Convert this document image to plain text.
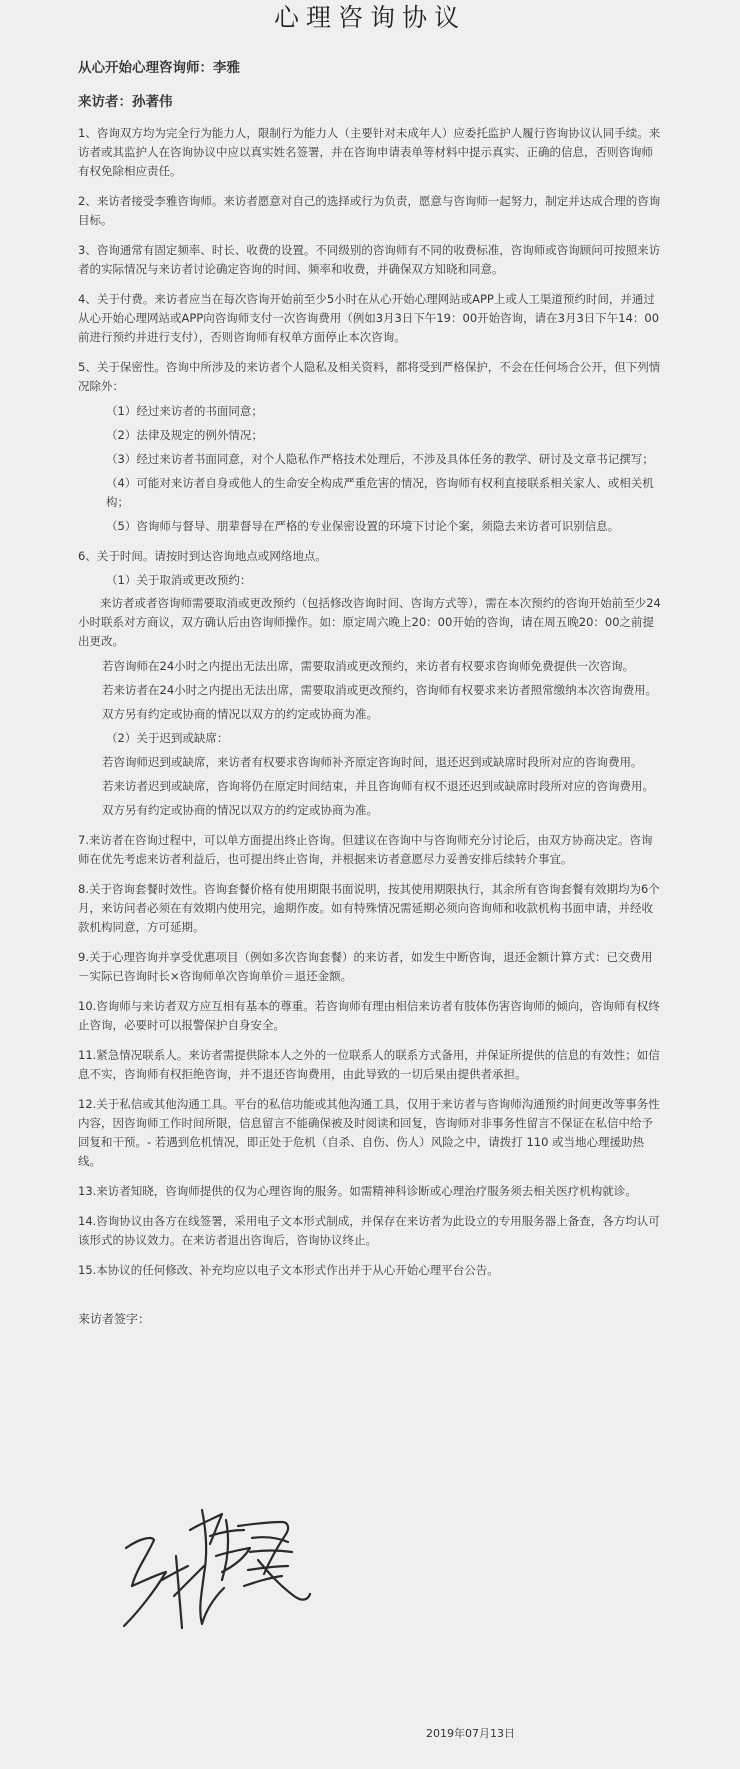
心理咨询协议
从心开始心理咨询师：李雅
来访者：孙著伟

1、咨询双方均为完全行为能力人，限制行为能力人（主要针对未成年人）应委托监护人履行咨询协议认同手续。来访者或其监护人在咨询协议中应以真实姓名签署，并在咨询申请表单等材料中提示真实、正确的信息，否则咨询师有权免除相应责任。

2、来访者接受李雅咨询师。来访者愿意对自己的选择或行为负责，愿意与咨询师一起努力，制定并达成合理的咨询目标。

3、咨询通常有固定频率、时长、收费的设置。不同级别的咨询师有不同的收费标准，咨询师或咨询顾问可按照来访者的实际情况与来访者讨论确定咨询的时间、频率和收费，并确保双方知晓和同意。

4、关于付费。来访者应当在每次咨询开始前至少5小时在从心开始心理网站或APP上或人工渠道预约时间，并通过从心开始心理网站或APP向咨询师支付一次咨询费用（例如3月3日下午19：00开始咨询，请在3月3日下午14：00前进行预约并进行支付），否则咨询师有权单方面停止本次咨询。

5、关于保密性。咨询中所涉及的来访者个人隐私及相关资料，都将受到严格保护，不会在任何场合公开，但下列情况除外：

（1）经过来访者的书面同意；

（2）法律及规定的例外情况；

（3）经过来访者书面同意，对个人隐私作严格技术处理后，不涉及具体任务的教学、研讨及文章书记撰写；

（4）可能对来访者自身或他人的生命安全构成严重危害的情况，咨询师有权利直接联系相关家人、或相关机构；

（5）咨询师与督导、朋辈督导在严格的专业保密设置的环境下讨论个案，须隐去来访者可识别信息。

6、关于时间。请按时到达咨询地点或网络地点。

（1）关于取消或更改预约：

来访者或者咨询师需要取消或更改预约（包括修改咨询时间、咨询方式等），需在本次预约的咨询开始前至少24小时联系对方商议，双方确认后由咨询师操作。如：原定周六晚上20：00开始的咨询，请在周五晚20：00之前提出更改。

若咨询师在24小时之内提出无法出席，需要取消或更改预约，来访者有权要求咨询师免费提供一次咨询。

若来访者在24小时之内提出无法出席，需要取消或更改预约，咨询师有权要求来访者照常缴纳本次咨询费用。

双方另有约定或协商的情况以双方的约定或协商为准。

（2）关于迟到或缺席：

若咨询师迟到或缺席，来访者有权要求咨询师补齐原定咨询时间，退还迟到或缺席时段所对应的咨询费用。

若来访者迟到或缺席，咨询将仍在原定时间结束，并且咨询师有权不退还迟到或缺席时段所对应的咨询费用。

双方另有约定或协商的情况以双方的约定或协商为准。

7.来访者在咨询过程中，可以单方面提出终止咨询。但建议在咨询中与咨询师充分讨论后，由双方协商决定。咨询师在优先考虑来访者利益后，也可提出终止咨询，并根据来访者意愿尽力妥善安排后续转介事宜。

8.关于咨询套餐时效性。咨询套餐价格有使用期限书面说明，按其使用期限执行，其余所有咨询套餐有效期均为6个月，来访问者必须在有效期内使用完，逾期作废。如有特殊情况需延期必须向咨询师和收款机构书面申请，并经收款机构同意，方可延期。

9.关于心理咨询并享受优惠项目（例如多次咨询套餐）的来访者，如发生中断咨询，退还金额计算方式：已交费用－实际已咨询时长×咨询师单次咨询单价＝退还金额。

10.咨询师与来访者双方应互相有基本的尊重。若咨询师有理由相信来访者有肢体伤害咨询师的倾向，咨询师有权终止咨询，必要时可以报警保护自身安全。

11.紧急情况联系人。来访者需提供除本人之外的一位联系人的联系方式备用，并保证所提供的信息的有效性；如信息不实，咨询师有权拒绝咨询，并不退还咨询费用，由此导致的一切后果由提供者承担。

12.关于私信或其他沟通工具。平台的私信功能或其他沟通工具，仅用于来访者与咨询师沟通预约时间更改等事务性内容，因咨询师工作时间所限，信息留言不能确保被及时阅读和回复，咨询师对非事务性留言不保证在私信中给予回复和干预。- 若遇到危机情况，即正处于危机（自杀、自伤、伤人）风险之中，请拨打 110 或当地心理援助热线。

13.来访者知晓，咨询师提供的仅为心理咨询的服务。如需精神科诊断或心理治疗服务须去相关医疗机构就诊。

14.咨询协议由各方在线签署，采用电子文本形式制成，并保存在来访者为此设立的专用服务器上备查，各方均认可该形式的协议效力。在来访者退出咨询后，咨询协议终止。

15.本协议的任何修改、补充均应以电子文本形式作出并于从心开始心理平台公告。

来访者签字：
2019年07月13日
